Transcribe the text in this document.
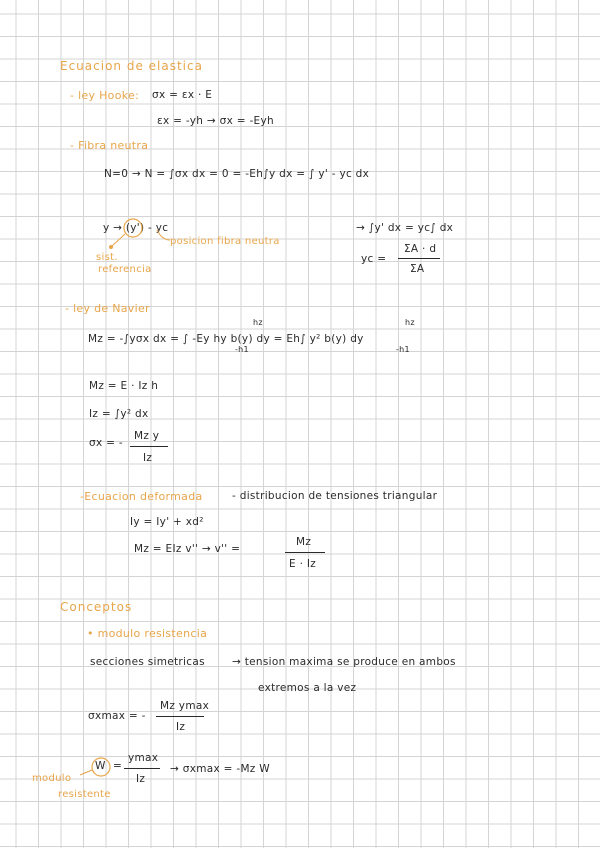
Ecuacion de elastica
- ley Hooke: σx = εx · E
εx = -yh → σx = -Eyh
- Fibra neutra
N=0 → N = ∫σx dx = 0 = -Eh∫y dx = ∫ y' - yc dx
y → (y') - yc
posicion fibra neutra
sist.
referencia
→ ∫y' dx = yc∫ dx
yc =
ΣA · d
ΣA
- ley de Navier
Mz = -∫yσx dx = ∫ -Ey hy b(y) dy = Eh∫ y² b(y) dy
hz
-h1
hz
-h1
Mz = E · Iz h
Iz = ∫y² dx
σx = -
Mz y
Iz
-Ecuacion deformada	- distribucion de tensiones triangular
Iy = Iy' + xd²
Mz = EIz v'' → v'' =
Mz
E · Iz
Conceptos
• modulo resistencia
secciones simetricas	→ tension maxima se produce en ambos
extremos a la vez
σxmax = -
Mz ymax
Iz
W =
ymax
Iz
→ σxmax = -Mz W
modulo
resistente
